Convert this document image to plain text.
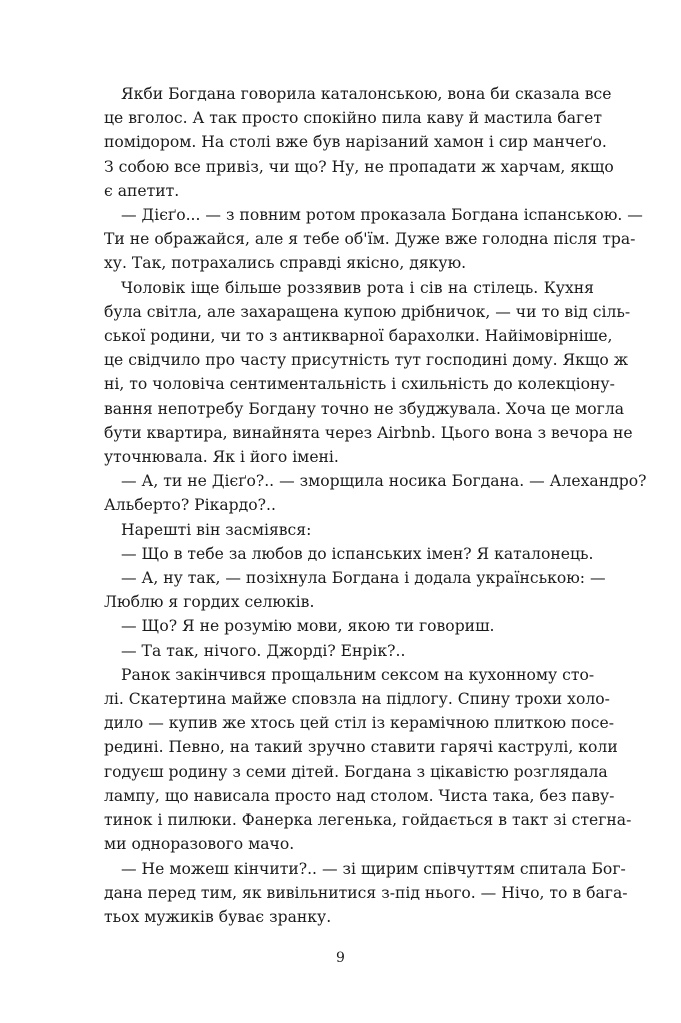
Якби Богдана говорила каталонською, вона би сказала все
це вголос. А так просто спокійно пила каву й мастила багет
помідором. На столі вже був нарізаний хамон і сир манчеґо.
З собою все привіз, чи що? Ну, не пропадати ж харчам, якщо
є апетит.

— Дієґо... — з повним ротом проказала Богдана іспанською. —
Ти не ображайся, але я тебе об'їм. Дуже вже голодна після тра-
ху. Так, потрахались справді якісно, дякую.

Чоловік іще більше роззявив рота і сів на стілець. Кухня
була світла, але захаращена купою дрібничок, — чи то від сіль-
ської родини, чи то з антикварної барахолки. Найімовірніше,
це свідчило про часту присутність тут господині дому. Якщо ж
ні, то чоловіча сентиментальність і схильність до колекціону-
вання непотребу Богдану точно не збуджувала. Хоча це могла
бути квартира, винайнята через Airbnb. Цього вона з вечора не
уточнювала. Як і його імені.

— А, ти не Дієґо?.. — зморщила носика Богдана. — Алехандро?
Альберто? Рікардо?..

Нарешті він засміявся:

— Що в тебе за любов до іспанських імен? Я каталонець.

— А, ну так, — позіхнула Богдана і додала українською: —
Люблю я гордих селюків.

— Що? Я не розумію мови, якою ти говориш.

— Та так, нічого. Джорді? Енрік?..

Ранок закінчився прощальним сексом на кухонному сто-
лі. Скатертина майже сповзла на підлогу. Спину трохи холо-
дило — купив же хтось цей стіл із керамічною плиткою посе-
редині. Певно, на такий зручно ставити гарячі каструлі, коли
годуєш родину з семи дітей. Богдана з цікавістю розглядала
лампу, що нависала просто над столом. Чиста така, без паву-
тинок і пилюки. Фанерка легенька, гойдається в такт зі стегна-
ми одноразового мачо.

— Не можеш кінчити?.. — зі щирим співчуттям спитала Бог-
дана перед тим, як вивільнитися з-під нього. — Нічо, то в багa-
тьох мужиків буває зранку.

9
